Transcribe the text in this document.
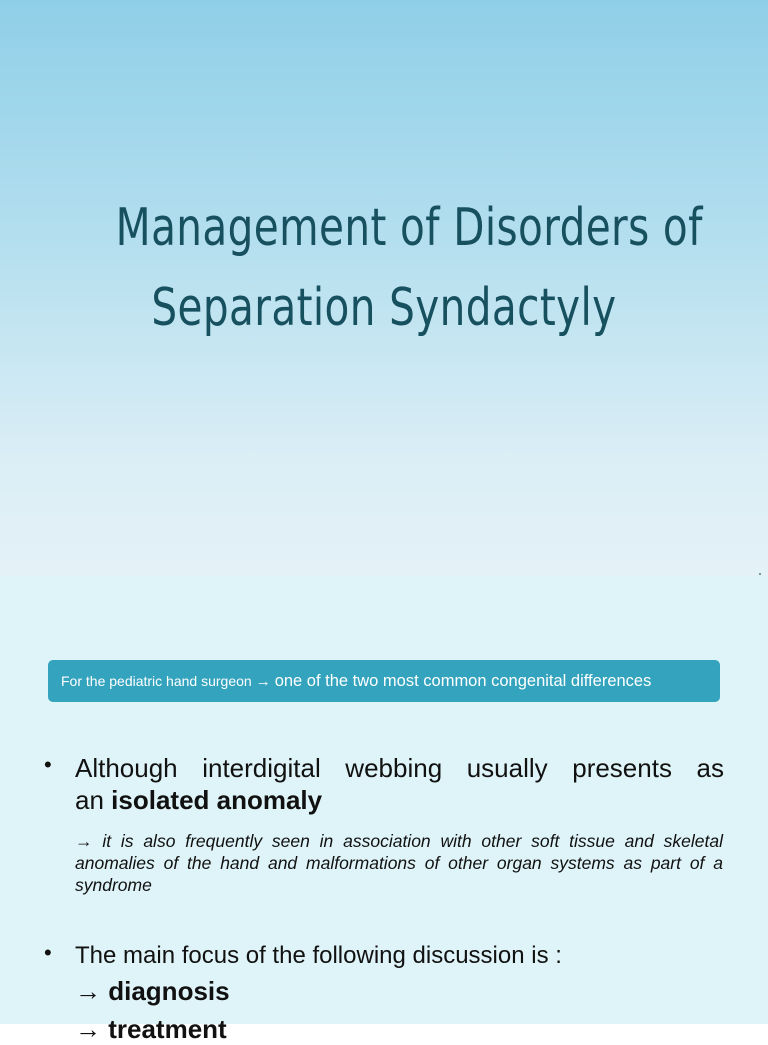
Management of Disorders of
Separation Syndactyly
For the pediatric hand surgeon → one of the two most common congenital differences
• Although interdigital webbing usually presents as
an isolated anomaly
→ it is also frequently seen in association with other soft tissue and skeletal anomalies of the hand and malformations of other organ systems as part of a syndrome
• The main focus of the following discussion is :
→ diagnosis
→ treatment
